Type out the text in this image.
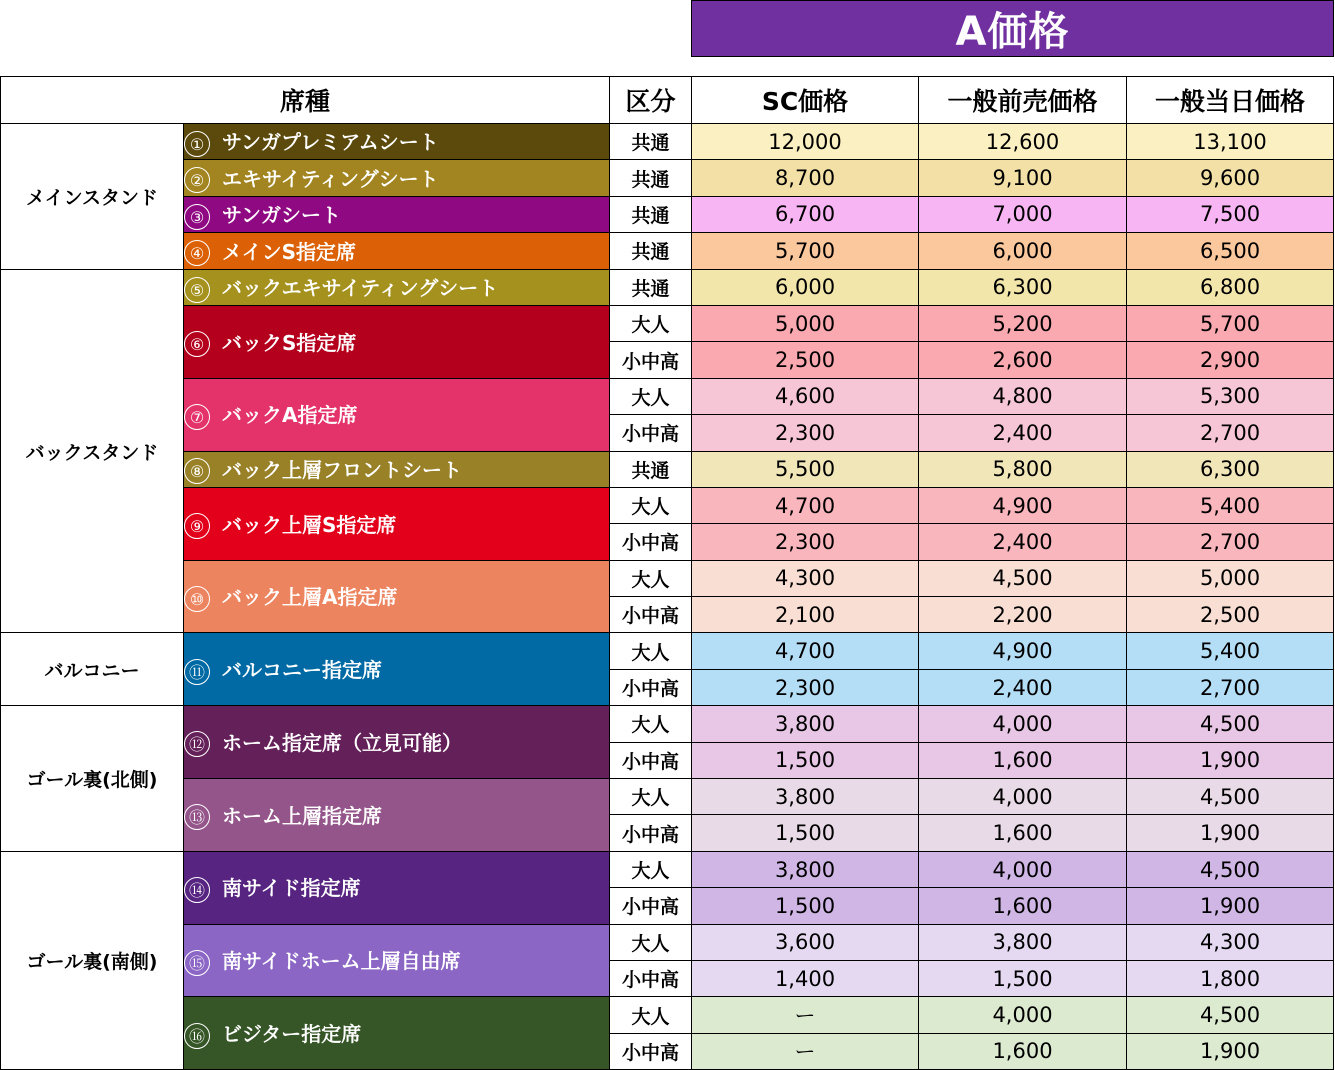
A価格
席種		区分	SC価格	一般前売価格	一般当日価格
メインスタンド	① サンガプレミアムシート	共通	12,000	12,600	13,100
	② エキサイティングシート	共通	8,700	9,100	9,600
	③ サンガシート	共通	6,700	7,000	7,500
	④ メインS指定席	共通	5,700	6,000	6,500
バックスタンド	⑤ バックエキサイティングシート	共通	6,000	6,300	6,800
	⑥ バックS指定席	大人	5,000	5,200	5,700
		小中高	2,500	2,600	2,900
	⑦ バックA指定席	大人	4,600	4,800	5,300
		小中高	2,300	2,400	2,700
	⑧ バック上層フロントシート	共通	5,500	5,800	6,300
	⑨ バック上層S指定席	大人	4,700	4,900	5,400
		小中高	2,300	2,400	2,700
	⑩ バック上層A指定席	大人	4,300	4,500	5,000
		小中高	2,100	2,200	2,500
バルコニー	⑪ バルコニー指定席	大人	4,700	4,900	5,400
		小中高	2,300	2,400	2,700
ゴール裏(北側)	⑫ ホーム指定席（立見可能）	大人	3,800	4,000	4,500
		小中高	1,500	1,600	1,900
	⑬ ホーム上層指定席	大人	3,800	4,000	4,500
		小中高	1,500	1,600	1,900
ゴール裏(南側)	⑭ 南サイド指定席	大人	3,800	4,000	4,500
		小中高	1,500	1,600	1,900
	⑮ 南サイドホーム上層自由席	大人	3,600	3,800	4,300
		小中高	1,400	1,500	1,800
	⑯ ビジター指定席	大人	ー	4,000	4,500
		小中高	ー	1,600	1,900
